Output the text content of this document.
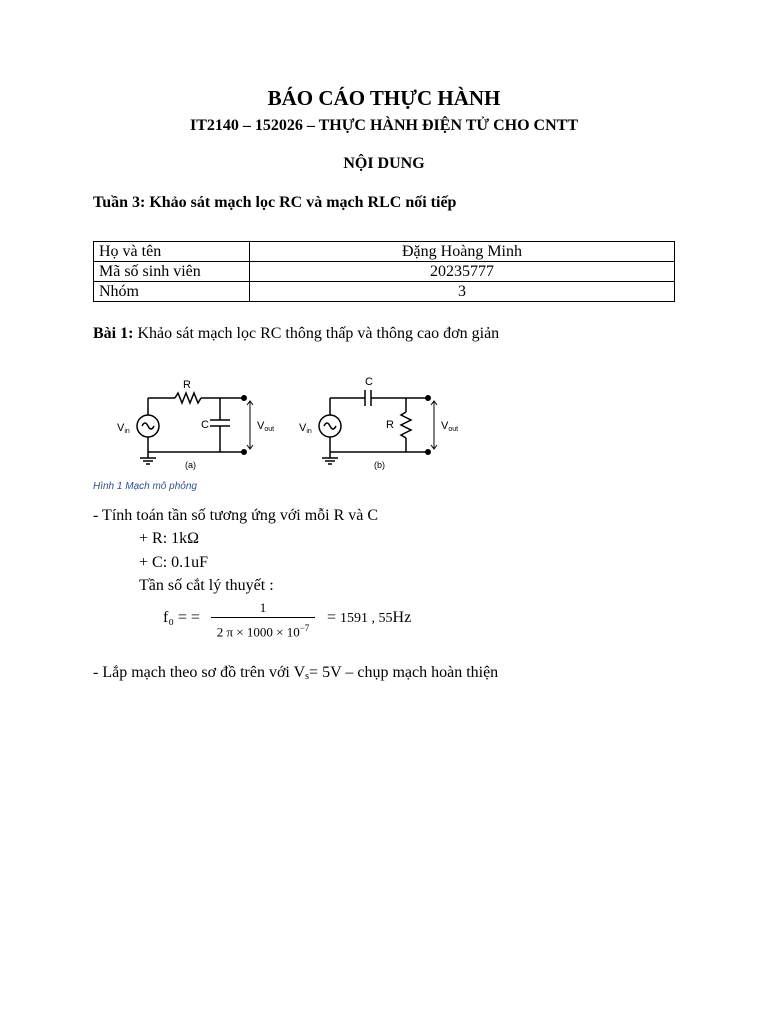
BÁO CÁO THỰC HÀNH
IT2140 – 152026 – THỰC HÀNH ĐIỆN TỬ CHO CNTT
NỘI DUNG
Tuần 3: Khảo sát mạch lọc RC và mạch RLC nối tiếp
Họ và tên	Đặng Hoàng Minh
Mã số sinh viên	20235777
Nhóm	3
Bài 1: Khảo sát mạch lọc RC thông thấp và thông cao đơn giản
R
C
Vin	Vout
(a)
C
R
Vin	Vout
(b)
Hình 1 Mạch mô phỏng
- Tính toán tần số tương ứng với mỗi R và C
+ R: 1kΩ
+ C: 0.1uF
Tần số cắt lý thuyết :
f₀ = =
1
2 $\pi \times 1000 \times 10^{-7}$
= 1591 , 55Hz
- Lắp mạch theo sơ đồ trên với $V_s= 5V$ – chụp mạch hoàn thiện
